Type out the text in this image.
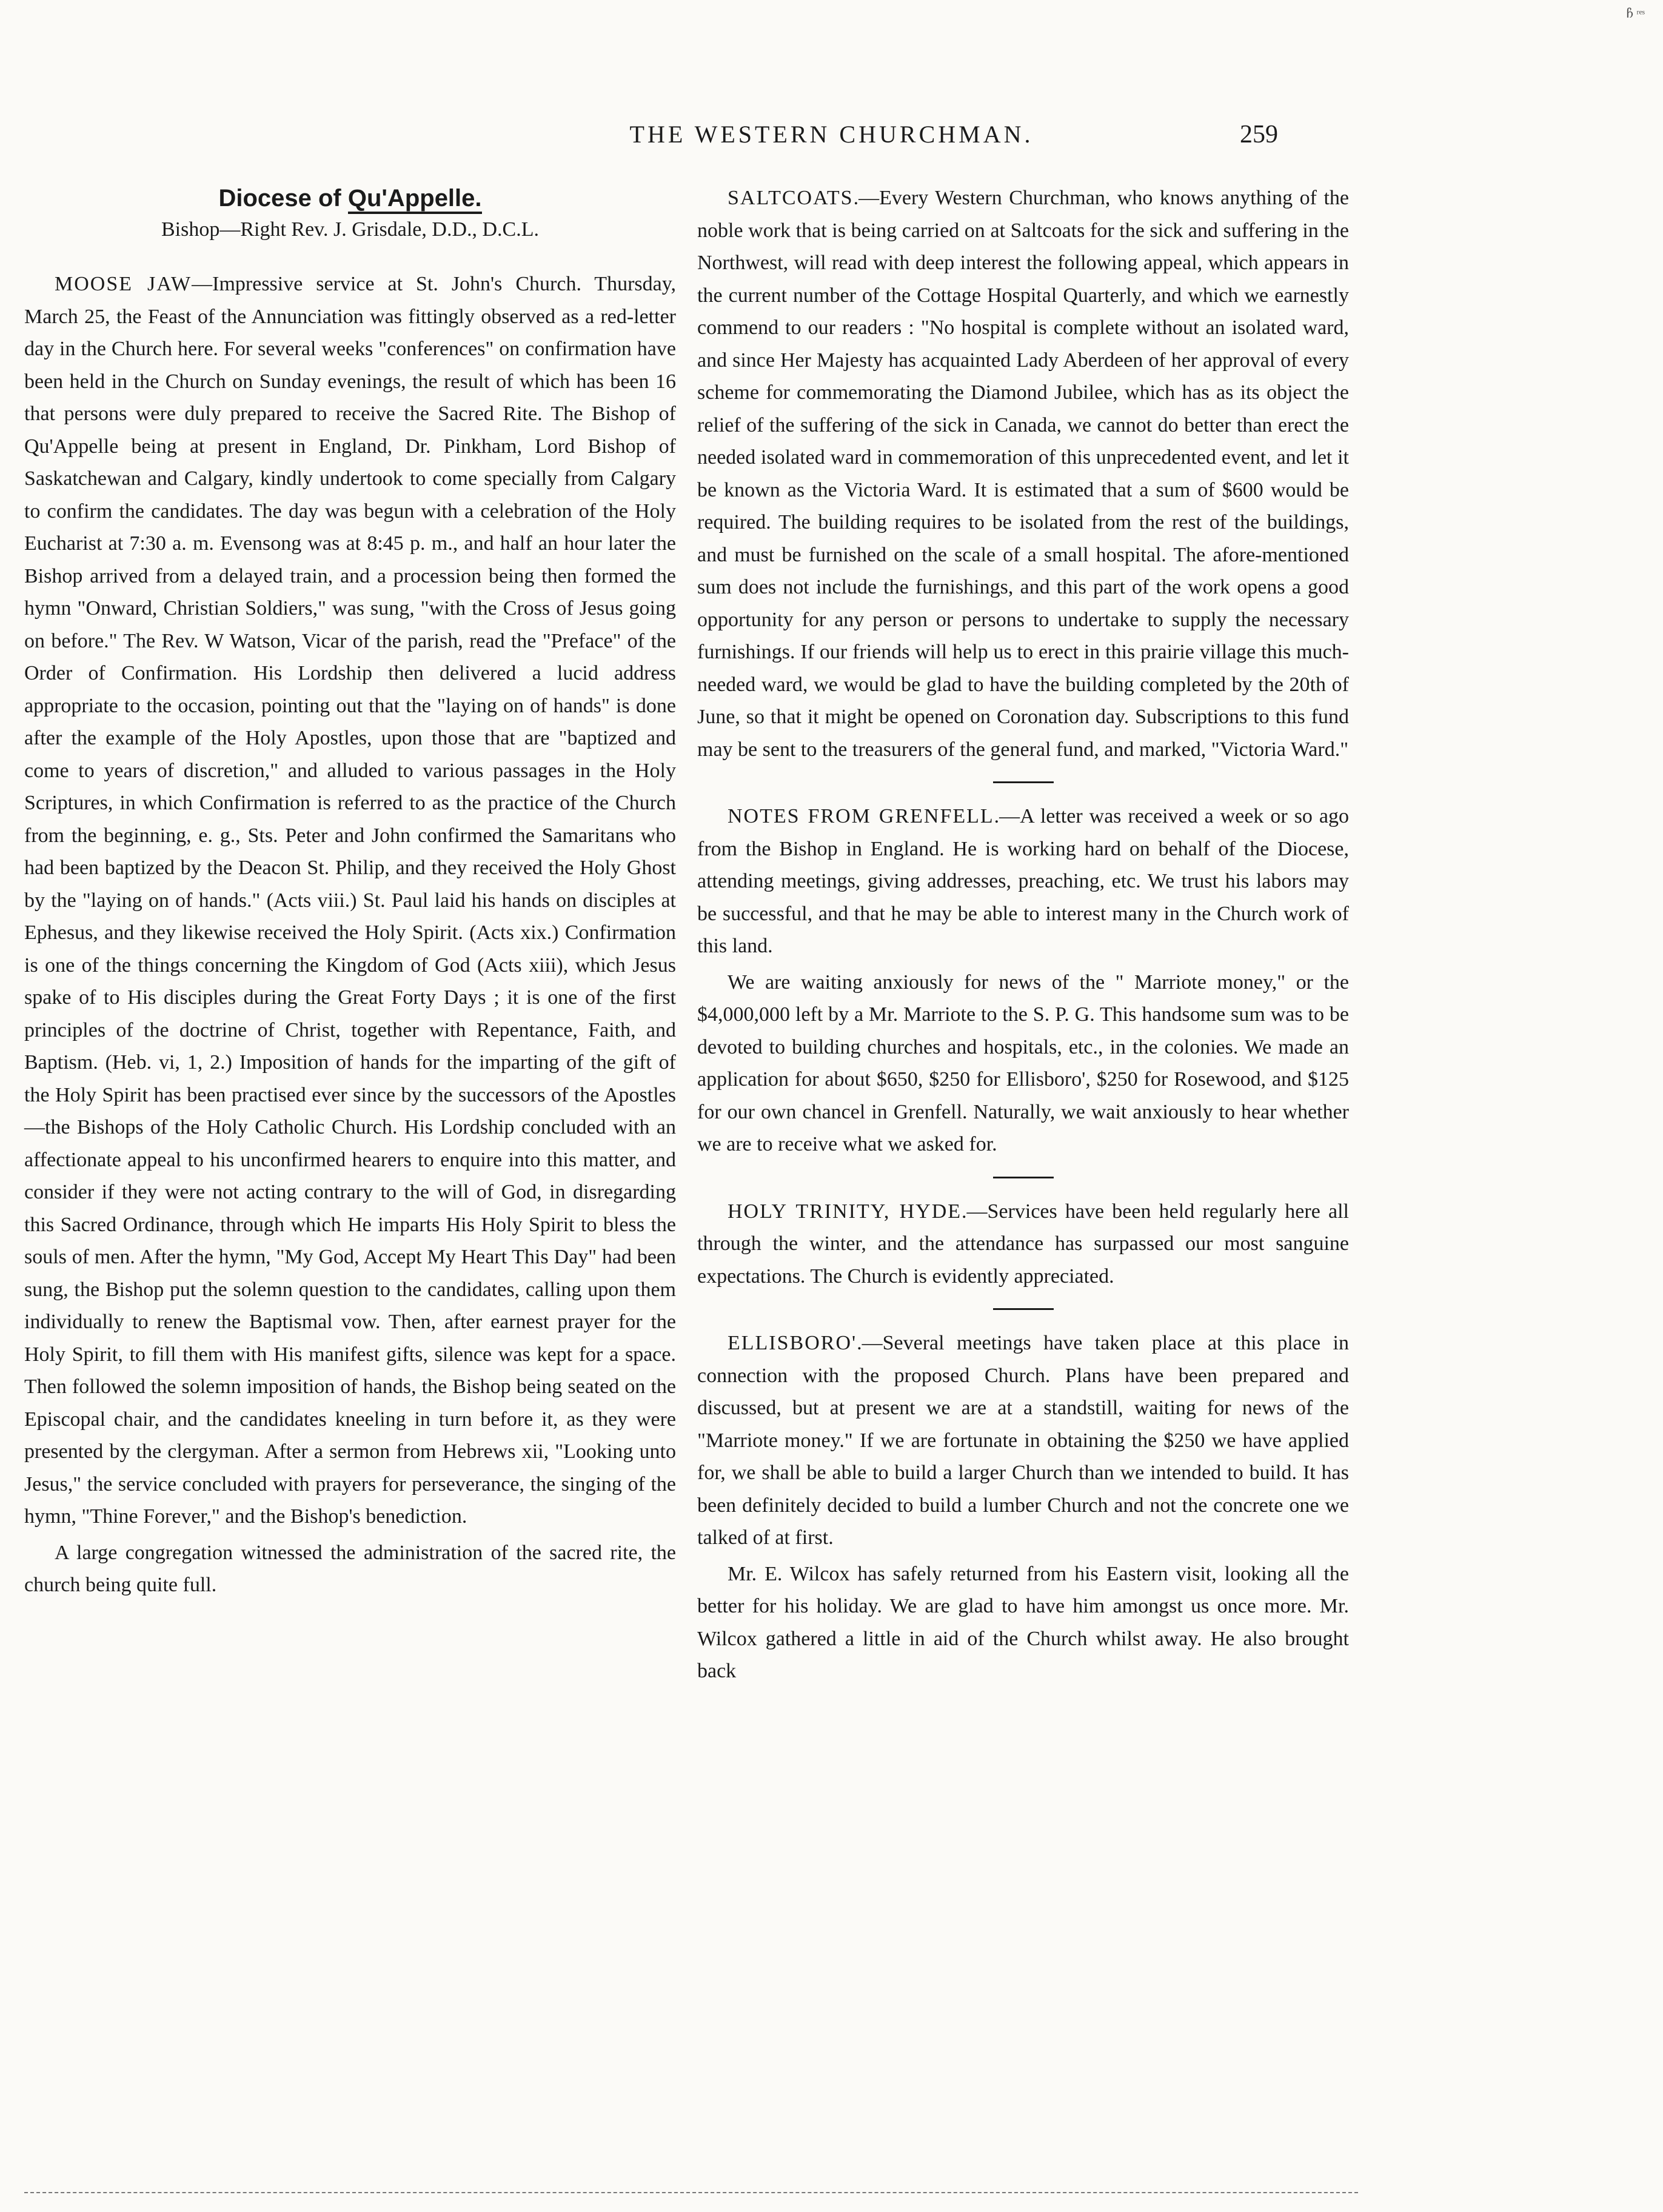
ჩ ʳᵉˢ
THE WESTERN CHURCHMAN.	259
Diocese of Qu'Appelle.
Bishop—Right Rev. J. Grisdale, D.D., D.C.L.

MOOSE JAW—Impressive service at St. John's Church. Thursday, March 25, the Feast of the Annunciation was fittingly observed as a red-letter day in the Church here. For several weeks "conferences" on confirmation have been held in the Church on Sunday evenings, the result of which has been 16 that persons were duly prepared to receive the Sacred Rite. The Bishop of Qu'Appelle being at present in England, Dr. Pinkham, Lord Bishop of Saskatchewan and Calgary, kindly undertook to come specially from Calgary to confirm the candidates. The day was begun with a celebration of the Holy Eucharist at 7:30 a. m. Evensong was at 8:45 p. m., and half an hour later the Bishop arrived from a delayed train, and a procession being then formed the hymn "Onward, Christian Soldiers," was sung, "with the Cross of Jesus going on before." The Rev. W Watson, Vicar of the parish, read the "Preface" of the Order of Confirmation. His Lordship then delivered a lucid address appropriate to the occasion, pointing out that the "laying on of hands" is done after the example of the Holy Apostles, upon those that are "baptized and come to years of discretion," and alluded to various passages in the Holy Scriptures, in which Confirmation is referred to as the practice of the Church from the beginning, e. g., Sts. Peter and John confirmed the Samaritans who had been baptized by the Deacon St. Philip, and they received the Holy Ghost by the "laying on of hands." (Acts viii.) St. Paul laid his hands on disciples at Ephesus, and they likewise received the Holy Spirit. (Acts xix.) Confirmation is one of the things concerning the Kingdom of God (Acts xiii), which Jesus spake of to His disciples during the Great Forty Days ; it is one of the first principles of the doctrine of Christ, together with Repentance, Faith, and Baptism. (Heb. vi, 1, 2.) Imposition of hands for the imparting of the gift of the Holy Spirit has been practised ever since by the successors of the Apostles—the Bishops of the Holy Catholic Church. His Lordship concluded with an affectionate appeal to his unconfirmed hearers to enquire into this matter, and consider if they were not acting contrary to the will of God, in disregarding this Sacred Ordinance, through which He imparts His Holy Spirit to bless the souls of men. After the hymn, "My God, Accept My Heart This Day" had been sung, the Bishop put the solemn question to the candidates, calling upon them individually to renew the Baptismal vow. Then, after earnest prayer for the Holy Spirit, to fill them with His manifest gifts, silence was kept for a space. Then followed the solemn imposition of hands, the Bishop being seated on the Episcopal chair, and the candidates kneeling in turn before it, as they were presented by the clergyman. After a sermon from Hebrews xii, "Looking unto Jesus," the service concluded with prayers for perseverance, the singing of the hymn, "Thine Forever," and the Bishop's benediction.

A large congregation witnessed the administration of the sacred rite, the church being quite full.

SALTCOATS.—Every Western Churchman, who knows anything of the noble work that is being carried on at Saltcoats for the sick and suffering in the Northwest, will read with deep interest the following appeal, which appears in the current number of the Cottage Hospital Quarterly, and which we earnestly commend to our readers : "No hospital is complete without an isolated ward, and since Her Majesty has acquainted Lady Aberdeen of her approval of every scheme for commemorating the Diamond Jubilee, which has as its object the relief of the suffering of the sick in Canada, we cannot do better than erect the needed isolated ward in commemoration of this unprecedented event, and let it be known as the Victoria Ward. It is estimated that a sum of $600 would be required. The building requires to be isolated from the rest of the buildings, and must be furnished on the scale of a small hospital. The afore-mentioned sum does not include the furnishings, and this part of the work opens a good opportunity for any person or persons to undertake to supply the necessary furnishings. If our friends will help us to erect in this prairie village this much-needed ward, we would be glad to have the building completed by the 20th of June, so that it might be opened on Coronation day. Subscriptions to this fund may be sent to the treasurers of the general fund, and marked, "Victoria Ward."

NOTES FROM GRENFELL.—A letter was received a week or so ago from the Bishop in England. He is working hard on behalf of the Diocese, attending meetings, giving addresses, preaching, etc. We trust his labors may be successful, and that he may be able to interest many in the Church work of this land.

We are waiting anxiously for news of the " Marriote money," or the $4,000,000 left by a Mr. Marriote to the S. P. G. This handsome sum was to be devoted to building churches and hospitals, etc., in the colonies. We made an application for about $650, $250 for Ellisboro', $250 for Rosewood, and $125 for our own chancel in Grenfell. Naturally, we wait anxiously to hear whether we are to receive what we asked for.

HOLY TRINITY, HYDE.—Services have been held regularly here all through the winter, and the attendance has surpassed our most sanguine expectations. The Church is evidently appreciated.

ELLISBORO'.—Several meetings have taken place at this place in connection with the proposed Church. Plans have been prepared and discussed, but at present we are at a standstill, waiting for news of the "Marriote money." If we are fortunate in obtaining the $250 we have applied for, we shall be able to build a larger Church than we intended to build. It has been definitely decided to build a lumber Church and not the concrete one we talked of at first.

Mr. E. Wilcox has safely returned from his Eastern visit, looking all the better for his holiday. We are glad to have him amongst us once more. Mr. Wilcox gathered a little in aid of the Church whilst away. He also brought back
